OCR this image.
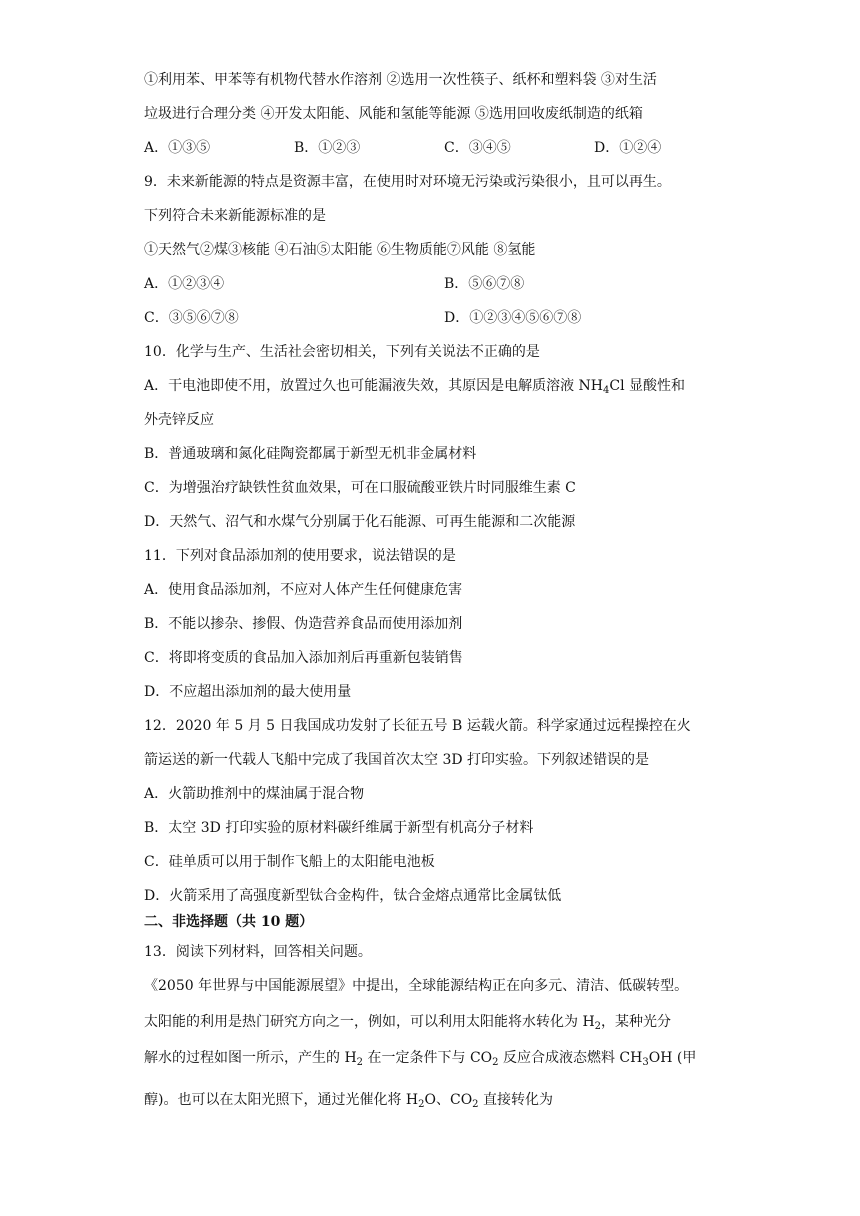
①利用苯、甲苯等有机物代替水作溶剂 ②选用一次性筷子、纸杯和塑料袋 ③对生活
垃圾进行合理分类 ④开发太阳能、风能和氢能等能源 ⑤选用回收废纸制造的纸箱
A．①③⑤	B．①②③	C．③④⑤	D．①②④
9．未来新能源的特点是资源丰富，在使用时对环境无污染或污染很小，且可以再生。
下列符合未来新能源标准的是
①天然气②煤③核能 ④石油⑤太阳能 ⑥生物质能⑦风能 ⑧氢能
A．①②③④	B．⑤⑥⑦⑧
C．③⑤⑥⑦⑧	D．①②③④⑤⑥⑦⑧
10．化学与生产、生活社会密切相关，下列有关说法不正确的是
A．干电池即使不用，放置过久也可能漏液失效，其原因是电解质溶液 $NH_4Cl$ 显酸性和
外壳锌反应
B．普通玻璃和氮化硅陶瓷都属于新型无机非金属材料
C．为增强治疗缺铁性贫血效果，可在口服硫酸亚铁片时同服维生素 C
D．天然气、沼气和水煤气分别属于化石能源、可再生能源和二次能源
11．下列对食品添加剂的使用要求，说法错误的是
A．使用食品添加剂，不应对人体产生任何健康危害
B．不能以掺杂、掺假、伪造营养食品而使用添加剂
C．将即将变质的食品加入添加剂后再重新包装销售
D．不应超出添加剂的最大使用量
12．2020 年 5 月 5 日我国成功发射了长征五号 B 运载火箭。科学家通过远程操控在火
箭运送的新一代载人飞船中完成了我国首次太空 3D 打印实验。下列叙述错误的是
A．火箭助推剂中的煤油属于混合物
B．太空 3D 打印实验的原材料碳纤维属于新型有机高分子材料
C．硅单质可以用于制作飞船上的太阳能电池板
D．火箭采用了高强度新型钛合金构件，钛合金熔点通常比金属钛低
二、非选择题（共 10 题）
13．阅读下列材料，回答相关问题。
《2050 年世界与中国能源展望》中提出，全球能源结构正在向多元、清洁、低碳转型。
太阳能的利用是热门研究方向之一，例如，可以利用太阳能将水转化为 $H_2$，某种光分
解水的过程如图一所示，产生的 $H_2$ 在一定条件下与 $CO_2$ 反应合成液态燃料 $CH_3OH$ (甲
醇)。也可以在太阳光照下，通过光催化将 $H_2O$、$CO_2$ 直接转化为
